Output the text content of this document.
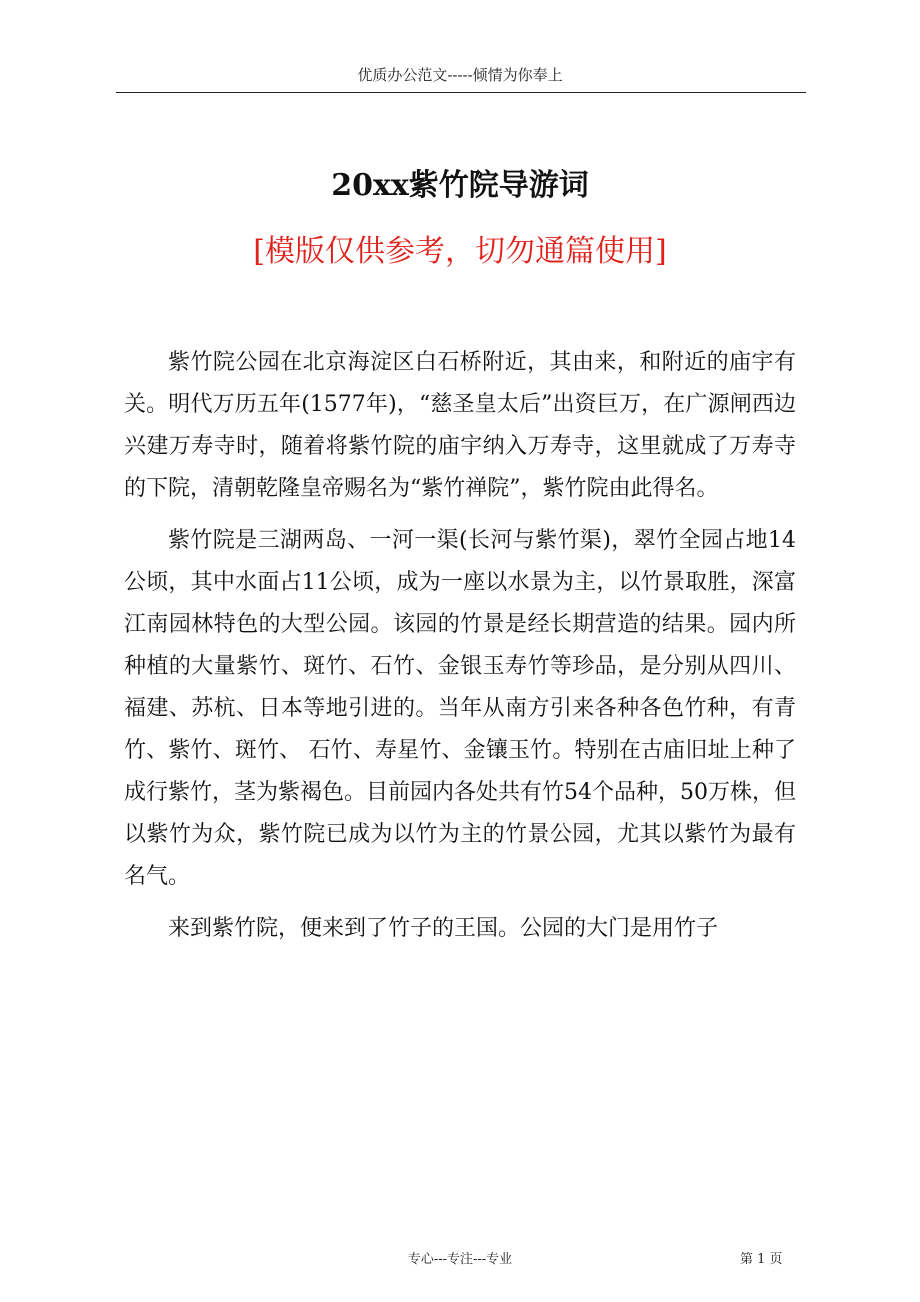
优质办公范文-----倾情为你奉上
20xx紫竹院导游词
[模版仅供参考，切勿通篇使用]

紫竹院公园在北京海淀区白石桥附近，其由来，和附近的庙宇有关。明代万历五年(1577年)，“慈圣皇太后”出资巨万，在广源闸西边兴建万寿寺时，随着将紫竹院的庙宇纳入万寿寺，这里就成了万寿寺的下院，清朝乾隆皇帝赐名为“紫竹禅院”，紫竹院由此得名。

紫竹院是三湖两岛、一河一渠(长河与紫竹渠)，翠竹全园占地14公顷，其中水面占11公顷，成为一座以水景为主，以竹景取胜，深富江南园林特色的大型公园。该园的竹景是经长期营造的结果。园内所种植的大量紫竹、斑竹、石竹、金银玉寿竹等珍品，是分别从四川、福建、苏杭、日本等地引进的。当年从南方引来各种各色竹种，有青竹、紫竹、斑竹、 石竹、寿星竹、金镶玉竹。特别在古庙旧址上种了成行紫竹，茎为紫褐色。目前园内各处共有竹54个品种，50万株，但以紫竹为众，紫竹院已成为以竹为主的竹景公园，尤其以紫竹为最有名气。

来到紫竹院，便来到了竹子的王国。公园的大门是用竹子

专心---专注---专业	第 1 页
